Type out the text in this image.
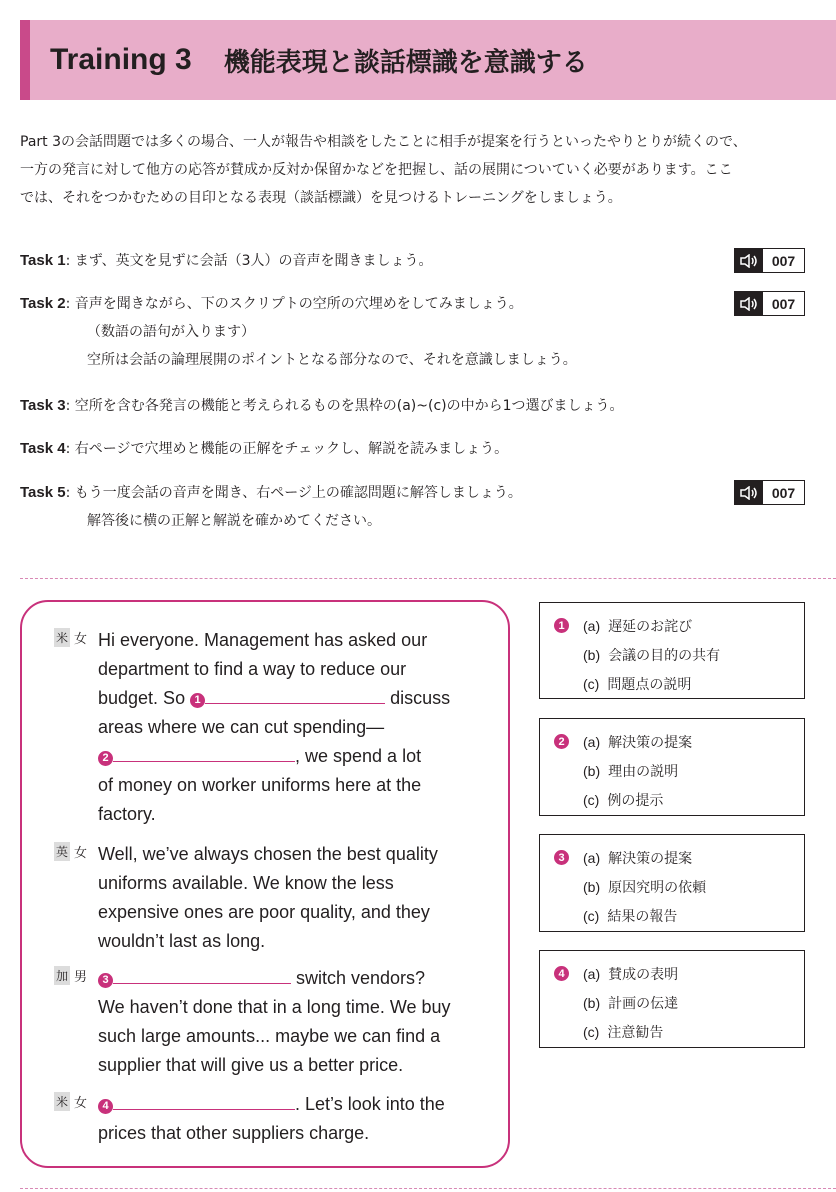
Training 3 機能表現と談話標識を意識する

Part 3の会話問題では多くの場合、一人が報告や相談をしたことに相手が提案を行うといったやりとりが続くので、

一方の発言に対して他方の応答が賛成か反対か保留かなどを把握し、話の展開についていく必要があります。ここ

では、それをつかむための目印となる表現（談話標識）を見つけるトレーニングをしましょう。

Task 1: まず、英文を見ずに会話（3人）の音声を聞きましょう。	007
Task 2: 音声を聞きながら、下のスクリプトの空所の穴埋めをしてみましょう。
（数語の語句が入ります）
空所は会話の論理展開のポイントとなる部分なので、それを意識しましょう。
007
Task 3: 空所を含む各発言の機能と考えられるものを黒枠の(a)~(c)の中から1つ選びましょう。
Task 4: 右ページで穴埋めと機能の正解をチェックし、解説を読みましょう。
Task 5: もう一度会話の音声を聞き、右ページ上の確認問題に解答しましょう。
解答後に横の正解と解説を確かめてください。
007
米 女 Hi everyone. Management has asked our
department to find a way to reduce our
budget. So 1	discuss
areas where we can cut spending—
2	, we spend a lot
of money on worker uniforms here at the
factory.
英 女 Well, we’ve always chosen the best quality
uniforms available. We know the less
expensive ones are poor quality, and they
wouldn’t last as long.
加 男	3	switch vendors?
We haven’t done that in a long time. We buy
such large amounts... maybe we can find a
supplier that will give us a better price.
米 女	4	. Let’s look into the
prices that other suppliers charge.
1	(a) 遅延のお詫び
(b) 会議の目的の共有
(c) 問題点の説明
2	(a) 解決策の提案
(b) 理由の説明
(c) 例の提示
3	(a) 解決策の提案
(b) 原因究明の依頼
(c) 結果の報告
4	(a) 賛成の表明
(b) 計画の伝達
(c) 注意勧告
